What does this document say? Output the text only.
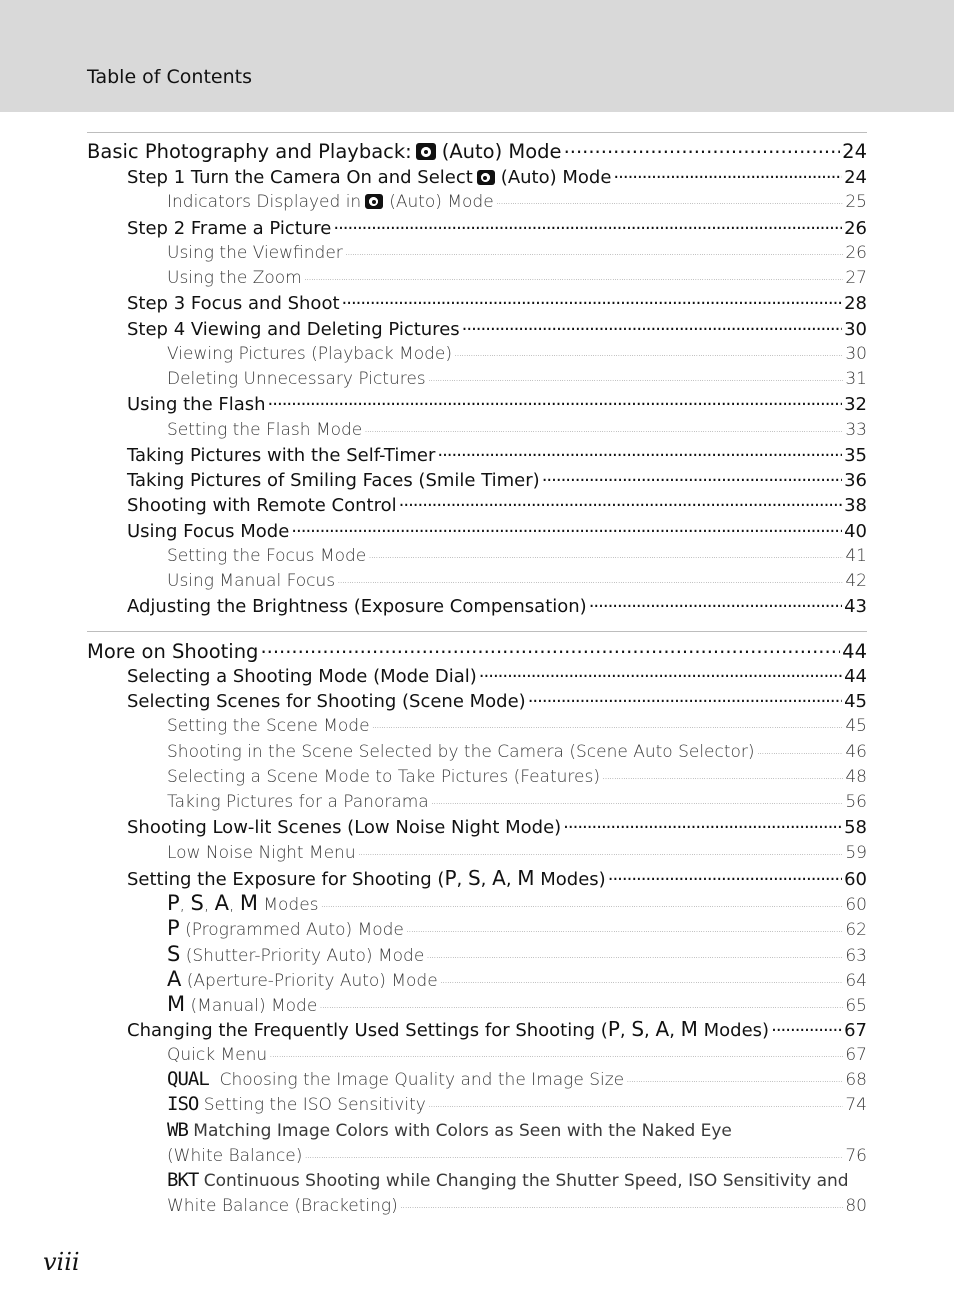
Table of Contents
Basic Photography and Playback: (Auto) Mode .....	24
Step 1 Turn the Camera On and Select (Auto) Mode .....	24
Indicators Displayed in (Auto) Mode .....	25
Step 2 Frame a Picture .....	26
Using the Viewfinder .....	26
Using the Zoom .....	27
Step 3 Focus and Shoot .....	28
Step 4 Viewing and Deleting Pictures .....	30
Viewing Pictures (Playback Mode) .....	30
Deleting Unnecessary Pictures .....	31
Using the Flash .....	32
Setting the Flash Mode .....	33
Taking Pictures with the Self-Timer .....	35
Taking Pictures of Smiling Faces (Smile Timer) .....	36
Shooting with Remote Control .....	38
Using Focus Mode .....	40
Setting the Focus Mode .....	41
Using Manual Focus .....	42
Adjusting the Brightness (Exposure Compensation) .....	43
More on Shooting .....	44
Selecting a Shooting Mode (Mode Dial) .....	44
Selecting Scenes for Shooting (Scene Mode) .....	45
Setting the Scene Mode .....	45
Shooting in the Scene Selected by the Camera (Scene Auto Selector) .....	46
Selecting a Scene Mode to Take Pictures (Features) .....	48
Taking Pictures for a Panorama .....	56
Shooting Low-lit Scenes (Low Noise Night Mode) .....	58
Low Noise Night Menu .....	59
Setting the Exposure for Shooting (P, S, A, M Modes) .....	60
P, S, A, M Modes .....	60
P (Programmed Auto) Mode .....	62
S (Shutter-Priority Auto) Mode .....	63
A (Aperture-Priority Auto) Mode .....	64
M (Manual) Mode .....	65
Changing the Frequently Used Settings for Shooting (P, S, A, M Modes) .....	67
Quick Menu .....	67
QUAL Choosing the Image Quality and the Image Size .....	68
ISO Setting the ISO Sensitivity .....	74
WB Matching Image Colors with Colors as Seen with the Naked Eye
(White Balance) .....	76
BKT Continuous Shooting while Changing the Shutter Speed, ISO Sensitivity and
White Balance (Bracketing) .....	80
viii
